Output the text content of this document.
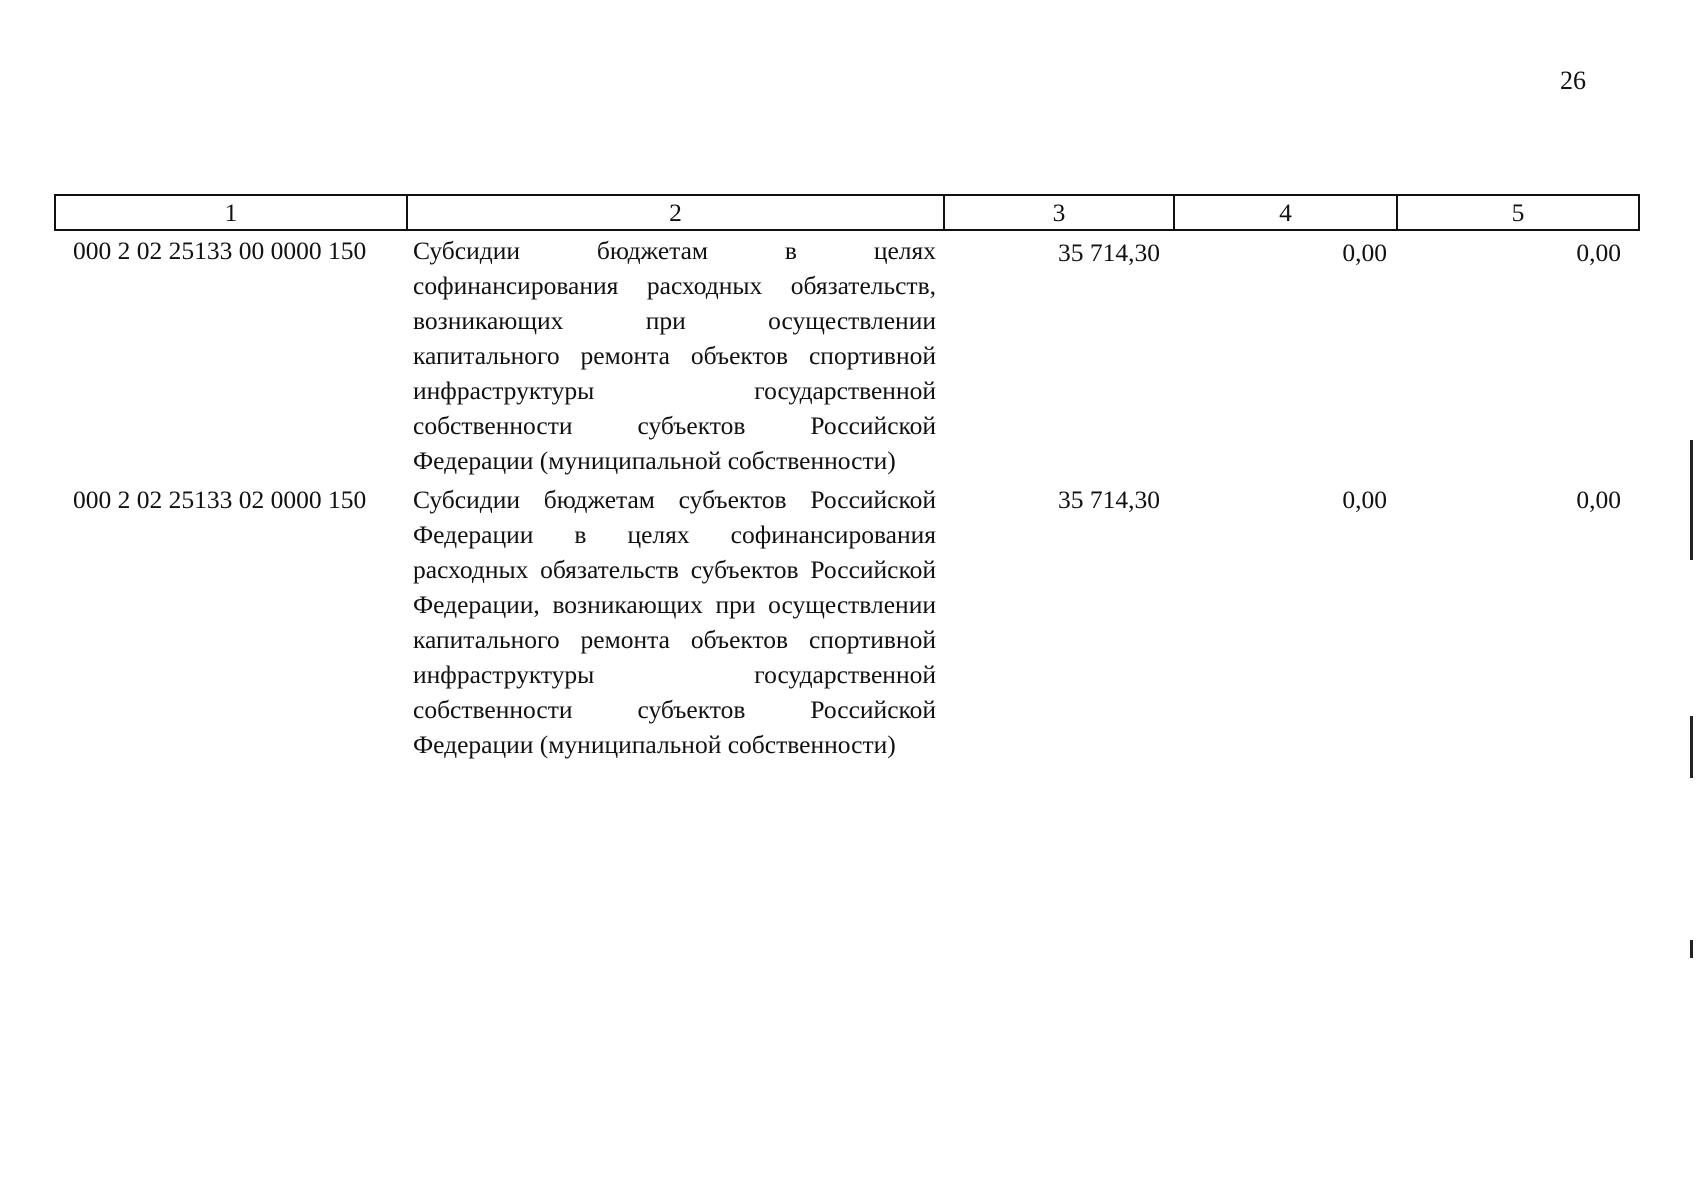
26
1	2	3	4	5
000 2 02 25133 00 0000 150	Субсидии бюджетам в целях софинансирования расходных обязательств, возникающих при осуществлении капитального ремонта объектов спортивной инфраструктуры государственной собственности субъектов Российской Федерации (муниципальной собственности)	35 714,30	0,00	0,00
000 2 02 25133 02 0000 150	Субсидии бюджетам субъектов Российской Федерации в целях софинансирования расходных обязательств субъектов Российской Федерации, возникающих при осуществлении капитального ремонта объектов спортивной инфраструктуры государственной собственности субъектов Российской Федерации (муниципальной собственности)	35 714,30	0,00	0,00
